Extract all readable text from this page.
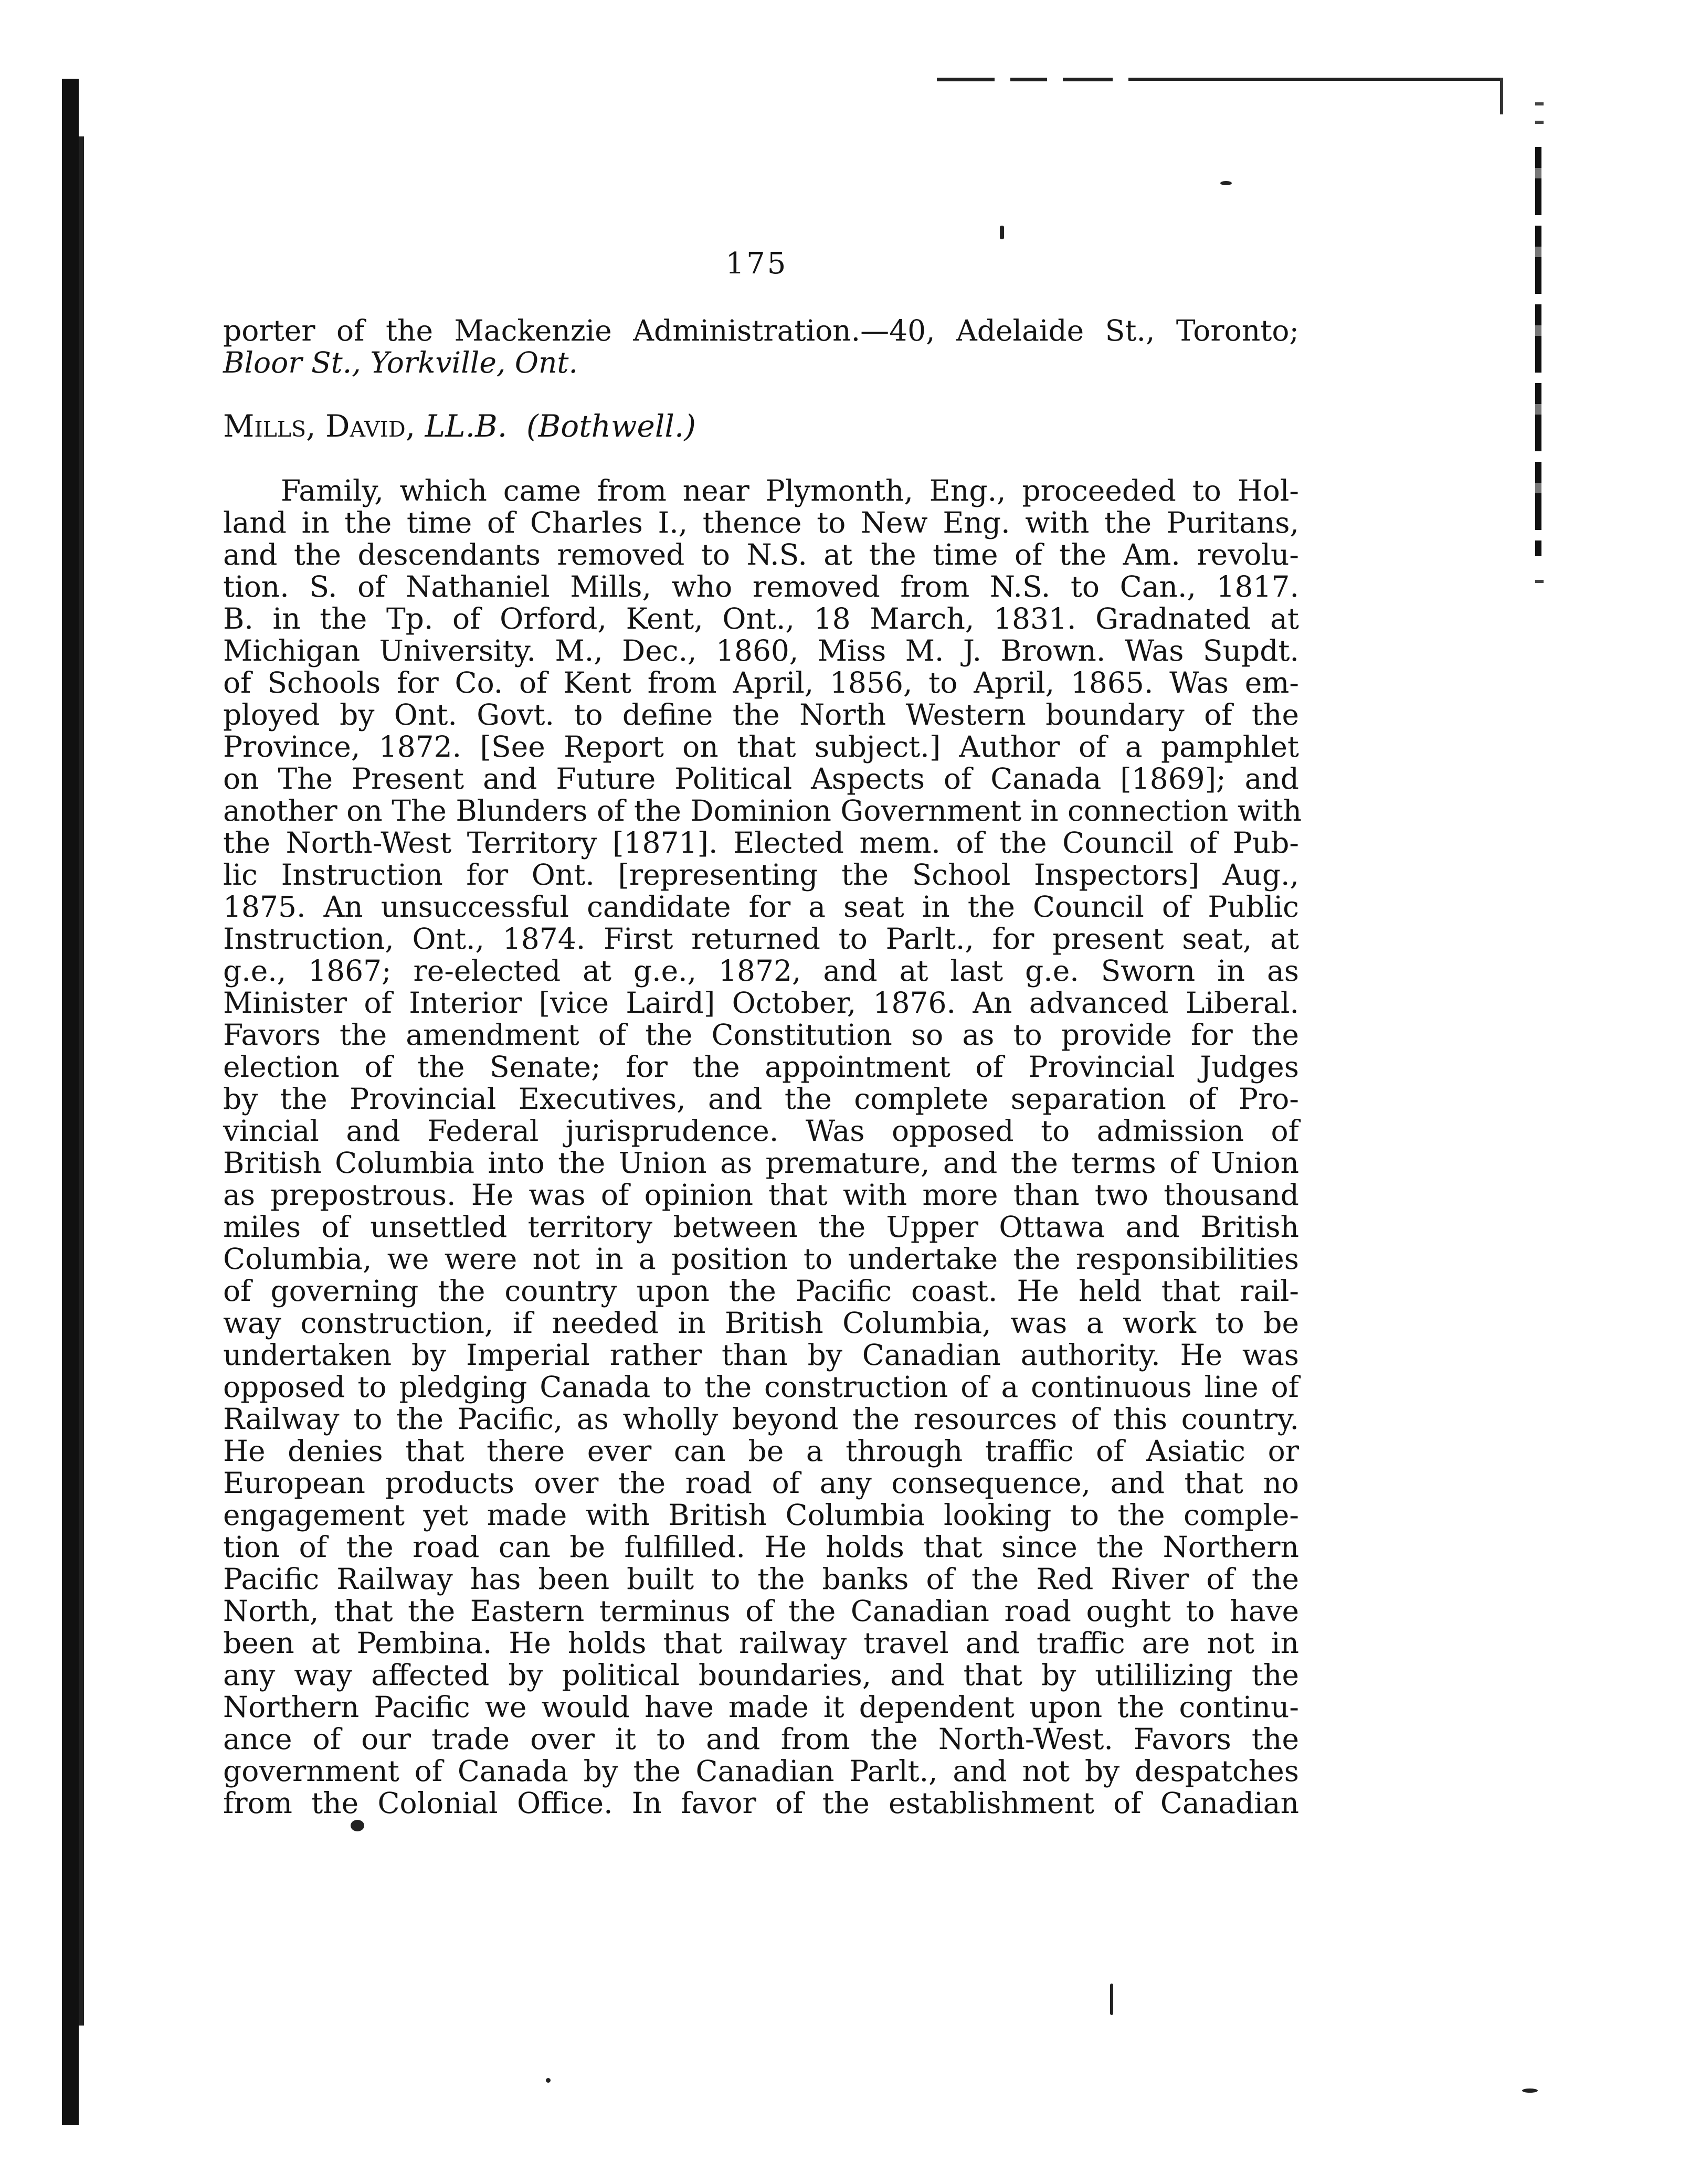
175
porter of the Mackenzie Administration.—40, Adelaide St., Toronto;
Bloor St., Yorkville, Ont.
Mills, David, LL.B. (Bothwell.)
Family, which came from near Plymonth, Eng., proceeded to Hol-
land in the time of Charles I., thence to New Eng. with the Puritans,
and the descendants removed to N.S. at the time of the Am. revolu-
tion. S. of Nathaniel Mills, who removed from N.S. to Can., 1817.
B. in the Tp. of Orford, Kent, Ont., 18 March, 1831. Gradnated at
Michigan University. M., Dec., 1860, Miss M. J. Brown. Was Supdt.
of Schools for Co. of Kent from April, 1856, to April, 1865. Was em-
ployed by Ont. Govt. to define the North Western boundary of the
Province, 1872. [See Report on that subject.] Author of a pamphlet
on The Present and Future Political Aspects of Canada [1869]; and
another on The Blunders of the Dominion Government in connection with
the North-West Territory [1871]. Elected mem. of the Council of Pub-
lic Instruction for Ont. [representing the School Inspectors] Aug.,
1875. An unsuccessful candidate for a seat in the Council of Public
Instruction, Ont., 1874. First returned to Parlt., for present seat, at
g.e., 1867; re-elected at g.e., 1872, and at last g.e. Sworn in as
Minister of Interior [vice Laird] October, 1876. An advanced Liberal.
Favors the amendment of the Constitution so as to provide for the
election of the Senate; for the appointment of Provincial Judges
by the Provincial Executives, and the complete separation of Pro-
vincial and Federal jurisprudence. Was opposed to admission of
British Columbia into the Union as premature, and the terms of Union
as prepostrous. He was of opinion that with more than two thousand
miles of unsettled territory between the Upper Ottawa and British
Columbia, we were not in a position to undertake the responsibilities
of governing the country upon the Pacific coast. He held that rail-
way construction, if needed in British Columbia, was a work to be
undertaken by Imperial rather than by Canadian authority. He was
opposed to pledging Canada to the construction of a continuous line of
Railway to the Pacific, as wholly beyond the resources of this country.
He denies that there ever can be a through traffic of Asiatic or
European products over the road of any consequence, and that no
engagement yet made with British Columbia looking to the comple-
tion of the road can be fulfilled. He holds that since the Northern
Pacific Railway has been built to the banks of the Red River of the
North, that the Eastern terminus of the Canadian road ought to have
been at Pembina. He holds that railway travel and traffic are not in
any way affected by political boundaries, and that by utililizing the
Northern Pacific we would have made it dependent upon the continu-
ance of our trade over it to and from the North-West. Favors the
government of Canada by the Canadian Parlt., and not by despatches
from the Colonial Office. In favor of the establishment of Canadian
